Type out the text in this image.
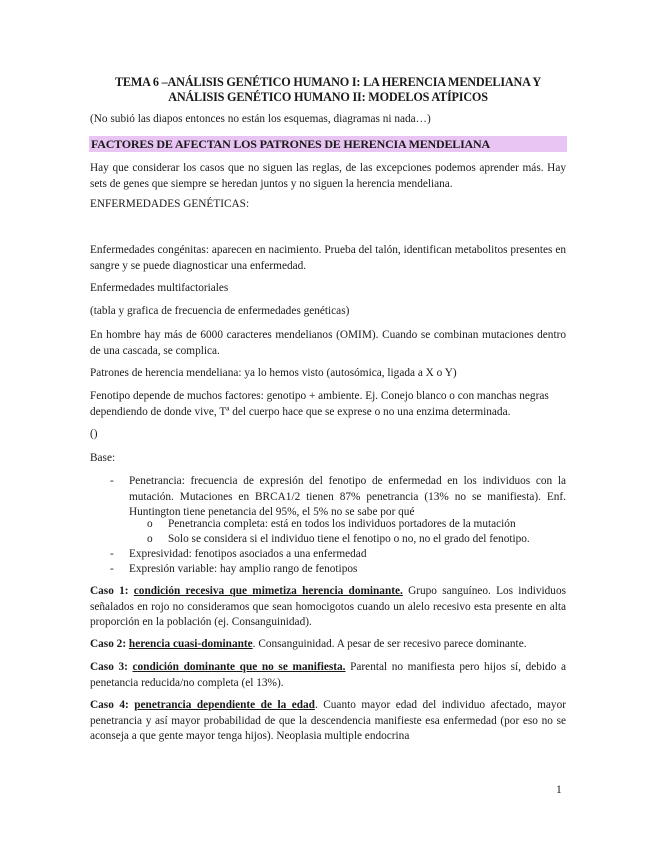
TEMA 6 –ANÁLISIS GENÉTICO HUMANO I: LA HERENCIA MENDELIANA Y
ANÁLISIS GENÉTICO HUMANO II: MODELOS ATÍPICOS

(No subió las diapos entonces no están los esquemas, diagramas ni nada…)

FACTORES DE AFECTAN LOS PATRONES DE HERENCIA MENDELIANA

Hay que considerar los casos que no siguen las reglas, de las excepciones podemos aprender más. Hay sets de genes que siempre se heredan juntos y no siguen la herencia mendeliana.

ENFERMEDADES GENÉTICAS:

Enfermedades congénitas: aparecen en nacimiento. Prueba del talón, identifican metabolitos presentes en sangre y se puede diagnosticar una enfermedad.

Enfermedades multifactoriales

(tabla y grafica de frecuencia de enfermedades genéticas)

En hombre hay más de 6000 caracteres mendelianos (OMIM). Cuando se combinan mutaciones dentro de una cascada, se complica.

Patrones de herencia mendeliana: ya lo hemos visto (autosómica, ligada a X o Y)

Fenotipo depende de muchos factores: genotipo + ambiente. Ej. Conejo blanco o con manchas negras dependiendo de donde vive, Tª del cuerpo hace que se exprese o no una enzima determinada.

()

Base:

- Penetrancia: frecuencia de expresión del fenotipo de enfermedad en los individuos con la mutación. Mutaciones en BRCA1/2 tienen 87% penetrancia (13% no se manifiesta). Enf. Huntington tiene penetancia del 95%, el 5% no se sabe por qué
o Penetrancia completa: está en todos los individuos portadores de la mutación
o Solo se considera si el individuo tiene el fenotipo o no, no el grado del fenotipo.
- Expresividad: fenotipos asociados a una enfermedad
- Expresión variable: hay amplio rango de fenotipos

Caso 1: condición recesiva que mimetiza herencia dominante. Grupo sanguíneo. Los individuos señalados en rojo no consideramos que sean homocigotos cuando un alelo recesivo esta presente en alta proporción en la población (ej. Consanguinidad).

Caso 2: herencia cuasi-dominante. Consanguinidad. A pesar de ser recesivo parece dominante.

Caso 3: condición dominante que no se manifiesta. Parental no manifiesta pero hijos sí, debido a penetancia reducida/no completa (el 13%).

Caso 4: penetrancia dependiente de la edad. Cuanto mayor edad del individuo afectado, mayor penetrancia y así mayor probabilidad de que la descendencia manifieste esa enfermedad (por eso no se aconseja a que gente mayor tenga hijos). Neoplasia multiple endocrina

1
